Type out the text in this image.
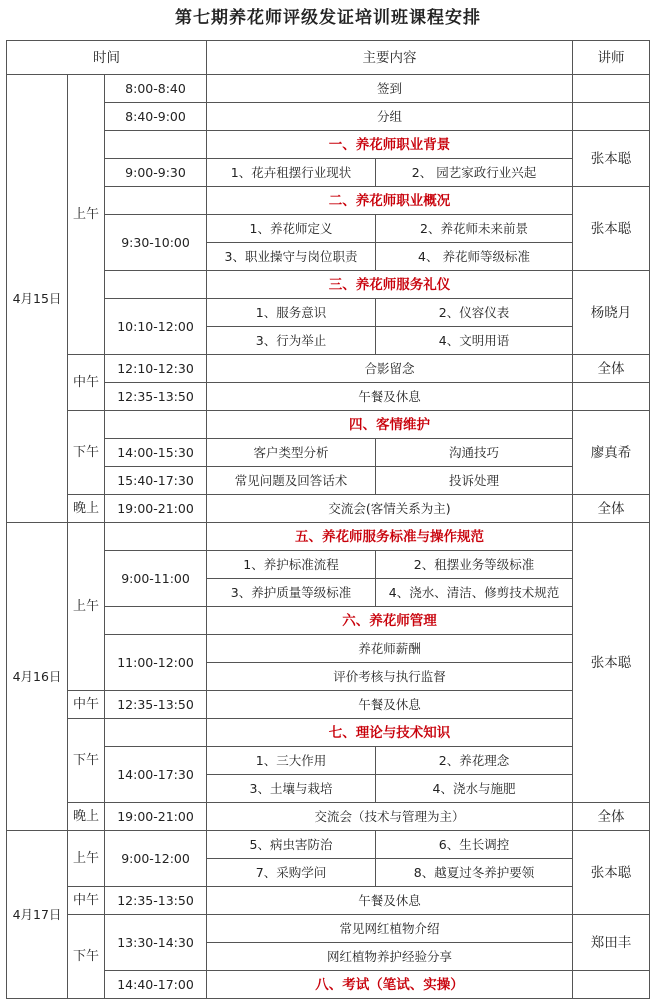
第七期养花师评级发证培训班课程安排
时间			主要内容		讲师
4月15日	上午	8:00-8:40	签到		
		8:40-9:00	分组		
			一、养花师职业背景		张本聪
		9:00-9:30	1、花卉租摆行业现状	2、 园艺家政行业兴起	
			二、养花师职业概况		张本聪
		9:30-10:00	1、养花师定义	2、养花师未来前景	
			3、职业操守与岗位职责	4、 养花师等级标准	
			三、养花师服务礼仪		杨晓月
		10:10-12:00	1、服务意识	2、仪容仪表	
			3、行为举止	4、文明用语	
	中午	12:10-12:30	合影留念		全体
		12:35-13:50	午餐及休息		
	下午		四、客情维护		廖真希
		14:00-15:30	客户类型分析	沟通技巧	
		15:40-17:30	常见问题及回答话术	投诉处理	
	晚上	19:00-21:00	交流会(客情关系为主)		全体
4月16日	上午		五、养花师服务标准与操作规范		张本聪
		9:00-11:00	1、养护标准流程	2、租摆业务等级标准	
			3、养护质量等级标准	4、浇水、清洁、修剪技术规范	
			六、养花师管理		
		11:00-12:00	养花师薪酬		
			评价考核与执行监督		
	中午	12:35-13:50	午餐及休息		
	下午		七、理论与技术知识		
		14:00-17:30	1、三大作用	2、养花理念	
			3、土壤与栽培	4、浇水与施肥	
	晚上	19:00-21:00	交流会（技术与管理为主）		全体
4月17日	上午	9:00-12:00	5、病虫害防治	6、生长调控	张本聪
			7、采购学问	8、越夏过冬养护要领	
	中午	12:35-13:50	午餐及休息		
	下午	13:30-14:30	常见网红植物介绍		郑田丰
			网红植物养护经验分享		
		14:40-17:00	八、考试（笔试、实操）		
